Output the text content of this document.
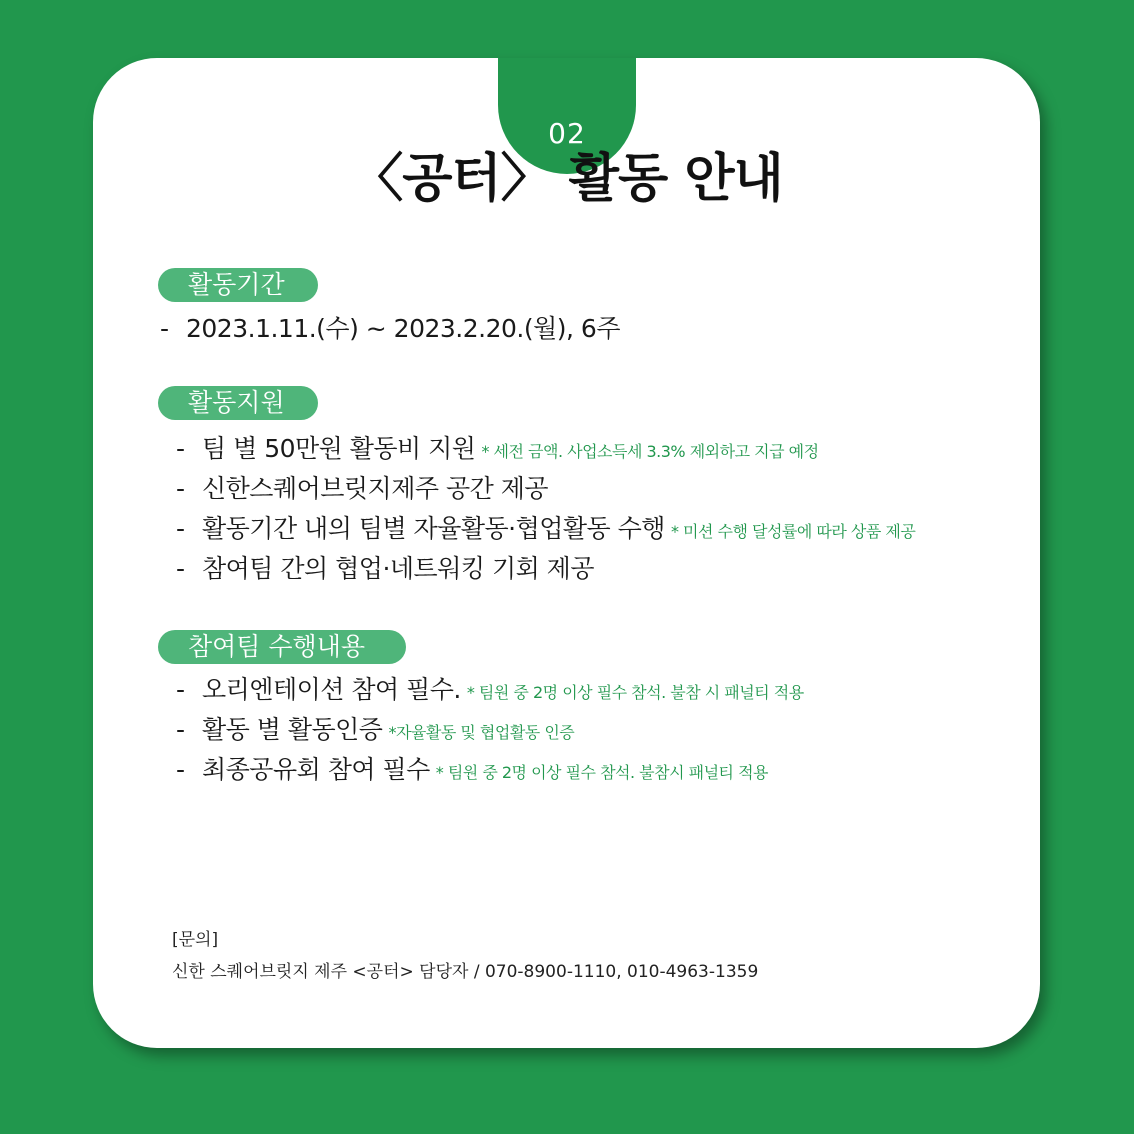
02
〈공터〉 활동 안내
활동기간
- 2023.1.11.(수) ~ 2023.2.20.(월), 6주
활동지원
- 팀 별 50만원 활동비 지원 * 세전 금액. 사업소득세 3.3% 제외하고 지급 예정
- 신한스퀘어브릿지제주 공간 제공
- 활동기간 내의 팀별 자율활동·협업활동 수행 * 미션 수행 달성률에 따라 상품 제공
- 참여팀 간의 협업·네트워킹 기회 제공
참여팀 수행내용
- 오리엔테이션 참여 필수. * 팀원 중 2명 이상 필수 참석. 불참 시 패널티 적용
- 활동 별 활동인증 *자율활동 및 협업활동 인증
- 최종공유회 참여 필수 * 팀원 중 2명 이상 필수 참석. 불참시 패널티 적용
[문의]
신한 스퀘어브릿지 제주 <공터> 담당자 / 070-8900-1110, 010-4963-1359
